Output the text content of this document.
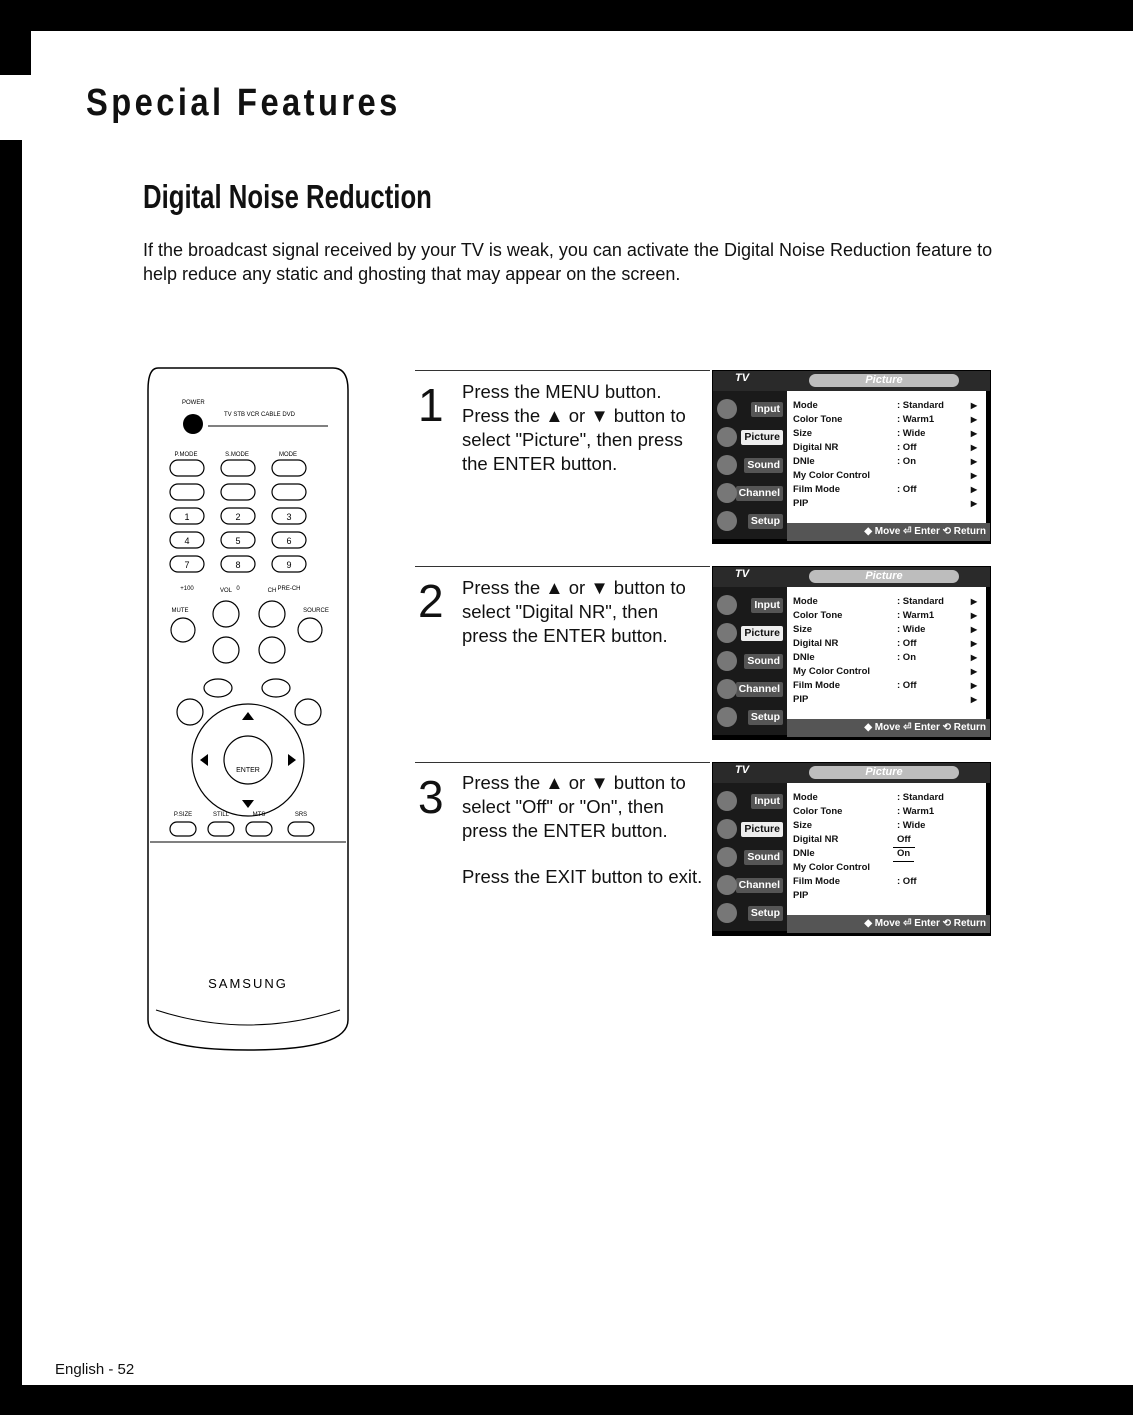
Special Features
Digital Noise Reduction
If the broadcast signal received by your TV is weak, you can activate the Digital Noise Reduction feature to help reduce any static and ghosting that may appear on the screen.
POWER
TV STB VCR CABLE DVD
P.MODE	S.MODE	MODE
1	2	3
4	5	6
7	8	9
+100	0	PRE-CH
VOL	CH
MUTE	SOURCE
ENTER
P.SIZE	STILL	MTS	SRS
SAMSUNG
1 Press the MENU button. Press the ▲ or ▼ button to select "Picture", then press the ENTER button.

2 Press the ▲ or ▼ button to select "Digital NR", then press the ENTER button.

3 Press the ▲ or ▼ button to select "Off" or "On", then press the ENTER button.

Press the EXIT button to exit.

TV	Picture
Input
Picture
Sound
Channel
Setup
Mode	: Standard	▶
Color Tone	: Warm1	▶
Size	: Wide	▶
Digital NR	: Off	▶
DNIe	: On	▶
My Color Control	▶
Film Mode	: Off	▶
PIP	▶
◆ Move ⏎ Enter ⟲ Return
TV	Picture
Input
Picture
Sound
Channel
Setup
Mode	: Standard	▶
Color Tone	: Warm1	▶
Size	: Wide	▶
Digital NR	: Off	▶
DNIe	: On	▶
My Color Control	▶
Film Mode	: Off	▶
PIP	▶
◆ Move ⏎ Enter ⟲ Return
TV	Picture
Input
Picture
Sound
Channel
Setup
Mode	: Standard
Color Tone	: Warm1
Size	: Wide
Digital NR	Off
DNIe	On
My Color Control
Film Mode	: Off
PIP
◆ Move ⏎ Enter ⟲ Return
English - 52
